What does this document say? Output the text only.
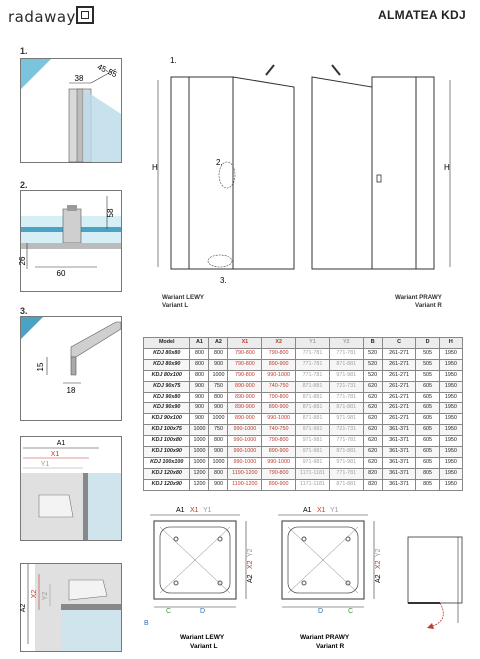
radaway	ALMATEA KDJ
1.
38 45-55
2.
58
26
60
3.
15
18
A1
X1
Y1
A2
X2 Y2
1.
H
2.
3.
H
Wariant LEWY
Variant L
Wariant PRAWY
Variant R
Model	A1	A2	X1	X2	Y1	Y2	B	C	D	H
KDJ 80x80	800	800	790-800	790-800	771-781	771-781	520	261-271	505	1950
KDJ 80x90	800	900	790-800	890-900	771-781	871-881	520	261-271	505	1950
KDJ 80x100	800	1000	790-800	990-1000	771-781	971-981	520	261-271	505	1950
KDJ 90x75	900	750	890-900	740-750	871-881	721-731	620	261-271	605	1950
KDJ 90x80	900	800	890-900	790-800	871-881	771-781	620	261-271	605	1950
KDJ 90x90	900	900	890-900	890-900	871-881	871-881	620	261-271	605	1950
KDJ 90x100	900	1000	890-900	990-1000	871-881	971-981	620	261-271	605	1950
KDJ 100x75	1000	750	990-1000	740-750	971-981	721-731	620	361-371	605	1950
KDJ 100x80	1000	800	990-1000	790-800	971-981	771-781	620	361-371	605	1950
KDJ 100x90	1000	900	990-1000	890-900	971-981	871-881	620	361-371	605	1950
KDJ 100x100	1000	1000	990-1000	990-1000	971-981	971-981	620	361-371	605	1950
KDJ 120x80	1200	800	1190-1200	790-800	1171-1181	771-781	820	361-371	805	1950
KDJ 120x90	1200	900	1190-1200	890-900	1171-1181	871-881	820	361-371	805	1950
A1 X1 Y1
A2
X2
Y2
C	D
B
Wariant LEWY
Variant L
A1 X1 Y1
A2
X2
Y2
D	C
Wariant PRAWY
Variant R
